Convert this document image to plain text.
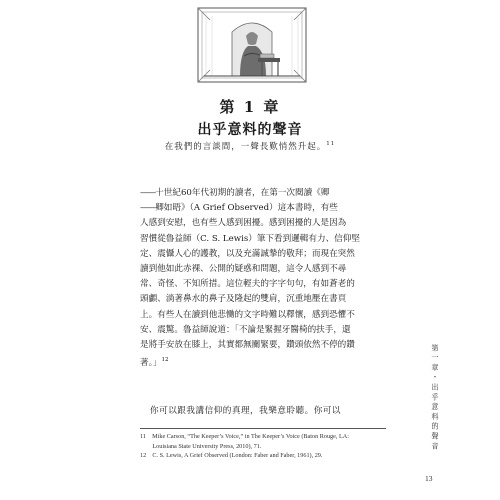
第 1 章
出乎意料的聲音
在我們的言談間，一聲長歎悄然升起。$^{11}$
——十世紀60年代初期的讀者，在第一次閱讀《卿
——卿如晤》（A Grief Observed）這本書時，有些
人感到安慰，也有些人感到困擾。感到困擾的人是因為
習慣從魯益師（C. S. Lewis）筆下看到邏輯有力、信仰堅
定、震懾人心的護教，以及充滿誠摯的敬拜；而現在突然
讀到他如此赤裸、公開的疑惑和問題，這令人感到不尋
常、奇怪、不知所措。這位輕夫的字字句句，有如蒼老的
頭顱、淌著鼻水的鼻子及隆起的雙肩，沉重地壓在書頁
上。有些人在讀到他悲慟的文字時難以釋懷，感到恐懼不
安、震驚。魯益師說道：「不論是緊握牙醫椅的扶手，還
是將手安放在膝上，其實都無關緊要，鑽頭依然不停的鑽
著。」$^{12}$
你可以跟我講信仰的真理，我樂意聆聽。你可以
11　Mike Carson, “The Keeper’s Voice,” in The Keeper’s Voice (Baton Rouge, LA:
　　Louisiana State University Press, 2010), 71.
12　C. S. Lewis, A Grief Observed (London: Faber and Faber, 1961), 29.
第一章・出乎意料的聲音
13
